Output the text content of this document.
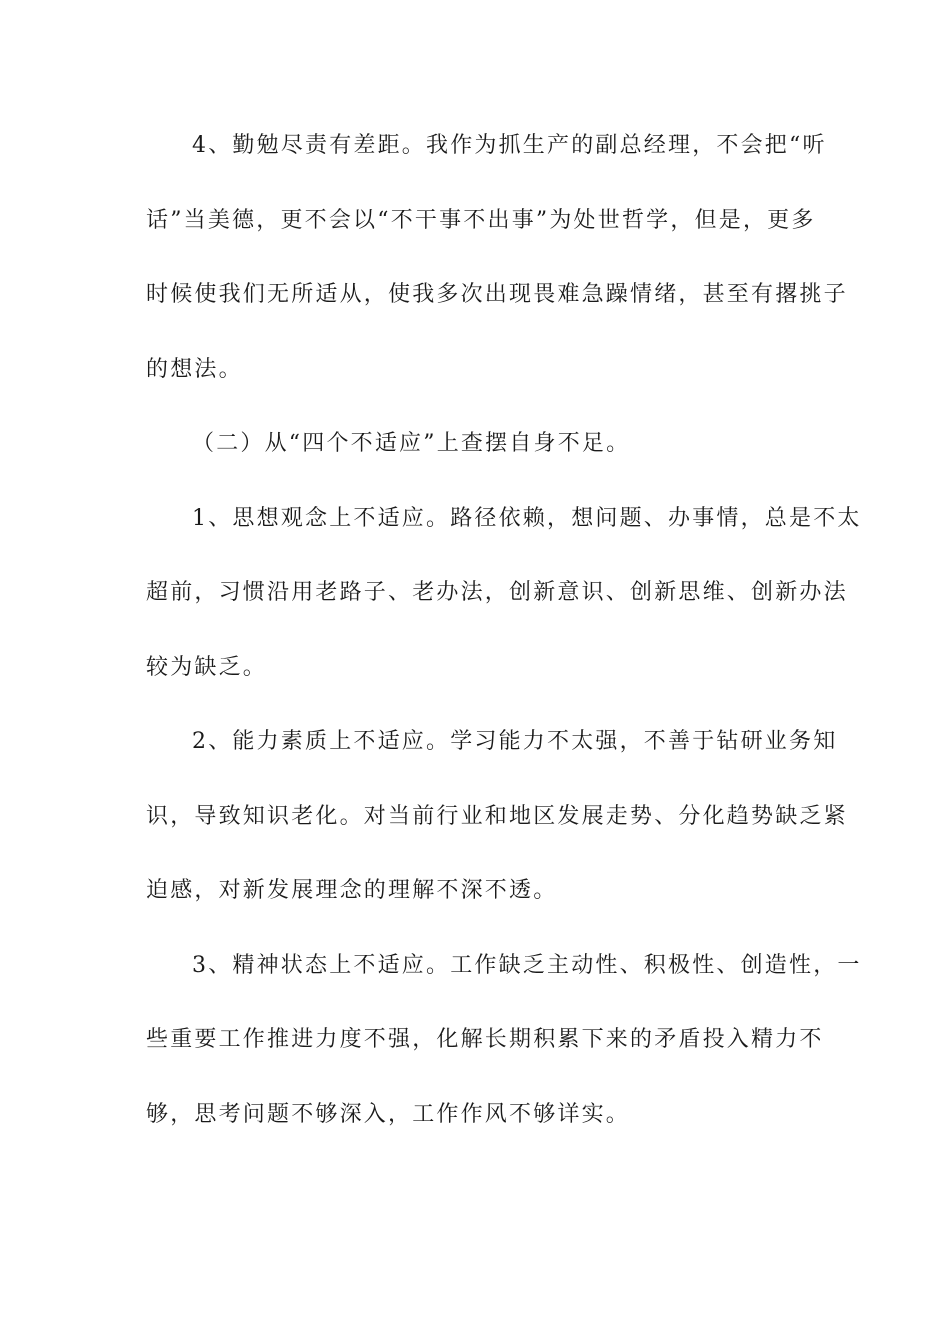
4、勤勉尽责有差距。我作为抓生产的副总经理，不会把“听
话”当美德，更不会以“不干事不出事”为处世哲学，但是，更多
时候使我们无所适从，使我多次出现畏难急躁情绪，甚至有撂挑子
的想法。
（二）从“四个不适应”上查摆自身不足。
1、思想观念上不适应。路径依赖，想问题、办事情，总是不太
超前，习惯沿用老路子、老办法，创新意识、创新思维、创新办法
较为缺乏。
2、能力素质上不适应。学习能力不太强，不善于钻研业务知
识，导致知识老化。对当前行业和地区发展走势、分化趋势缺乏紧
迫感，对新发展理念的理解不深不透。
3、精神状态上不适应。工作缺乏主动性、积极性、创造性，一
些重要工作推进力度不强，化解长期积累下来的矛盾投入精力不
够，思考问题不够深入，工作作风不够详实。
